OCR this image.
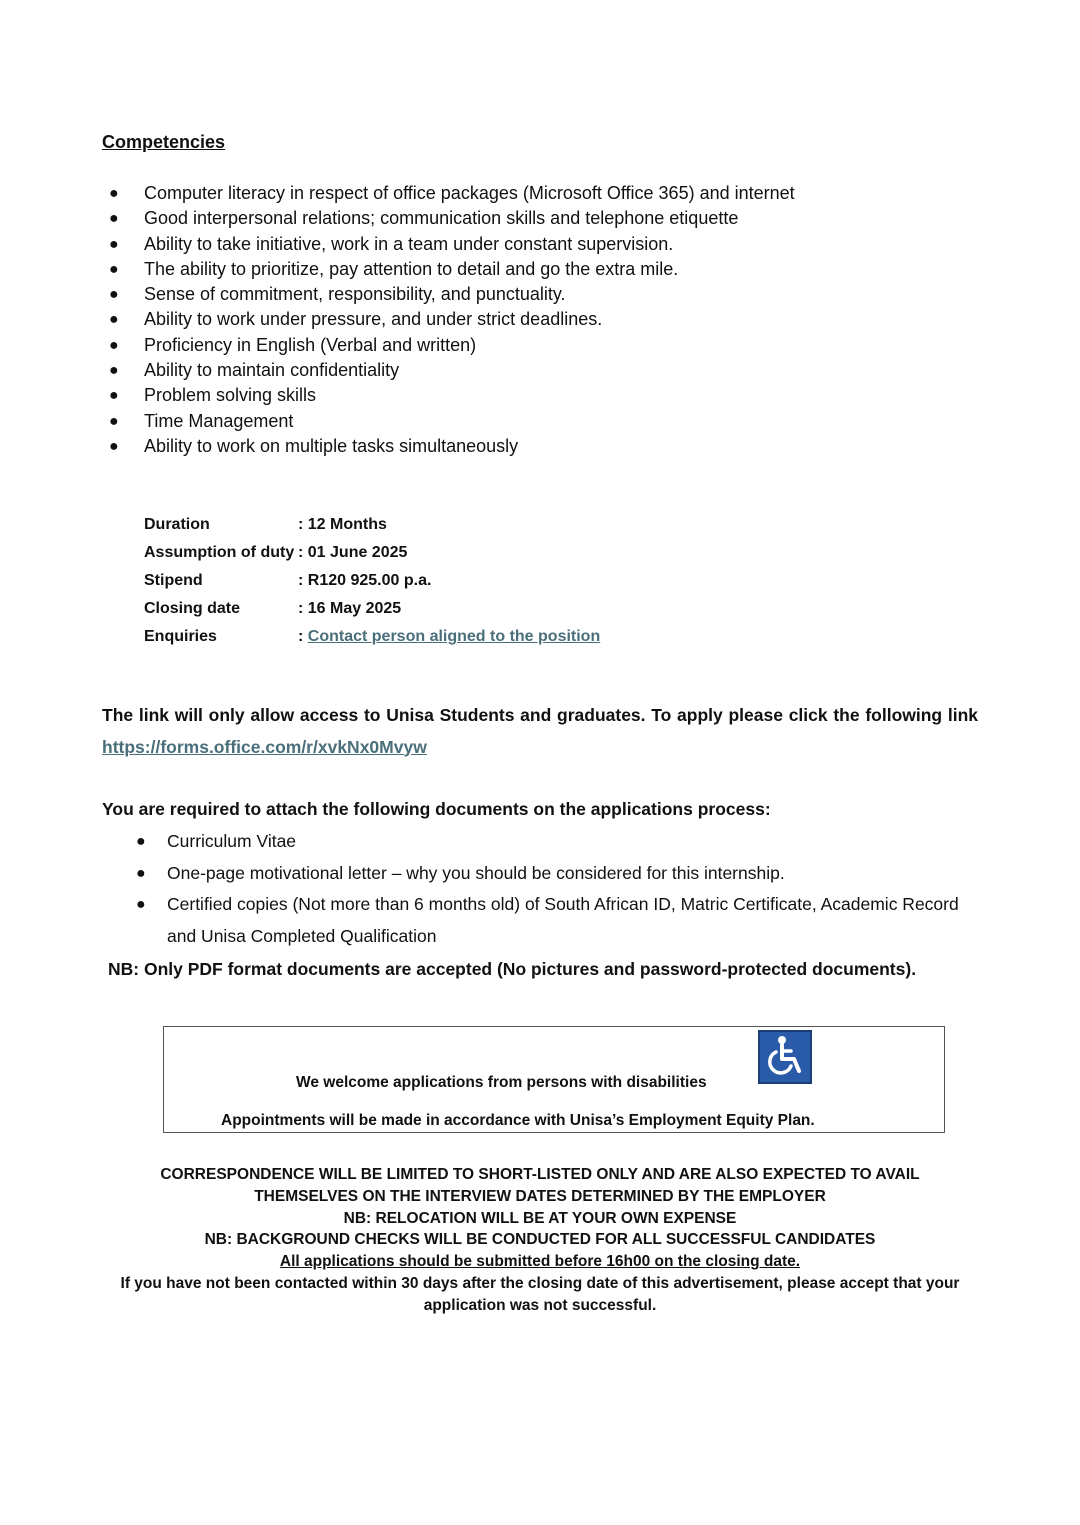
Competencies
● Computer literacy in respect of office packages (Microsoft Office 365) and internet
● Good interpersonal relations; communication skills and telephone etiquette
● Ability to take initiative, work in a team under constant supervision.
● The ability to prioritize, pay attention to detail and go the extra mile.
● Sense of commitment, responsibility, and punctuality.
● Ability to work under pressure, and under strict deadlines.
● Proficiency in English (Verbal and written)
● Ability to maintain confidentiality
● Problem solving skills
● Time Management
● Ability to work on multiple tasks simultaneously
Duration	: 12 Months
Assumption of duty : 01 June 2025
Stipend	: R120 925.00 p.a.
Closing date	: 16 May 2025
Enquiries	: Contact person aligned to the position
The link will only allow access to Unisa Students and graduates. To apply please click the following link https://forms.office.com/r/xvkNx0Mvyw
You are required to attach the following documents on the applications process:
● Curriculum Vitae
● One-page motivational letter – why you should be considered for this internship.
● Certified copies (Not more than 6 months old) of South African ID, Matric Certificate, Academic Record and Unisa Completed Qualification
NB: Only PDF format documents are accepted (No pictures and password-protected documents).
We welcome applications from persons with disabilities
Appointments will be made in accordance with Unisa’s Employment Equity Plan.
CORRESPONDENCE WILL BE LIMITED TO SHORT-LISTED ONLY AND ARE ALSO EXPECTED TO AVAIL
THEMSELVES ON THE INTERVIEW DATES DETERMINED BY THE EMPLOYER
NB: RELOCATION WILL BE AT YOUR OWN EXPENSE
NB: BACKGROUND CHECKS WILL BE CONDUCTED FOR ALL SUCCESSFUL CANDIDATES
All applications should be submitted before 16h00 on the closing date.
If you have not been contacted within 30 days after the closing date of this advertisement, please accept that your application was not successful.
